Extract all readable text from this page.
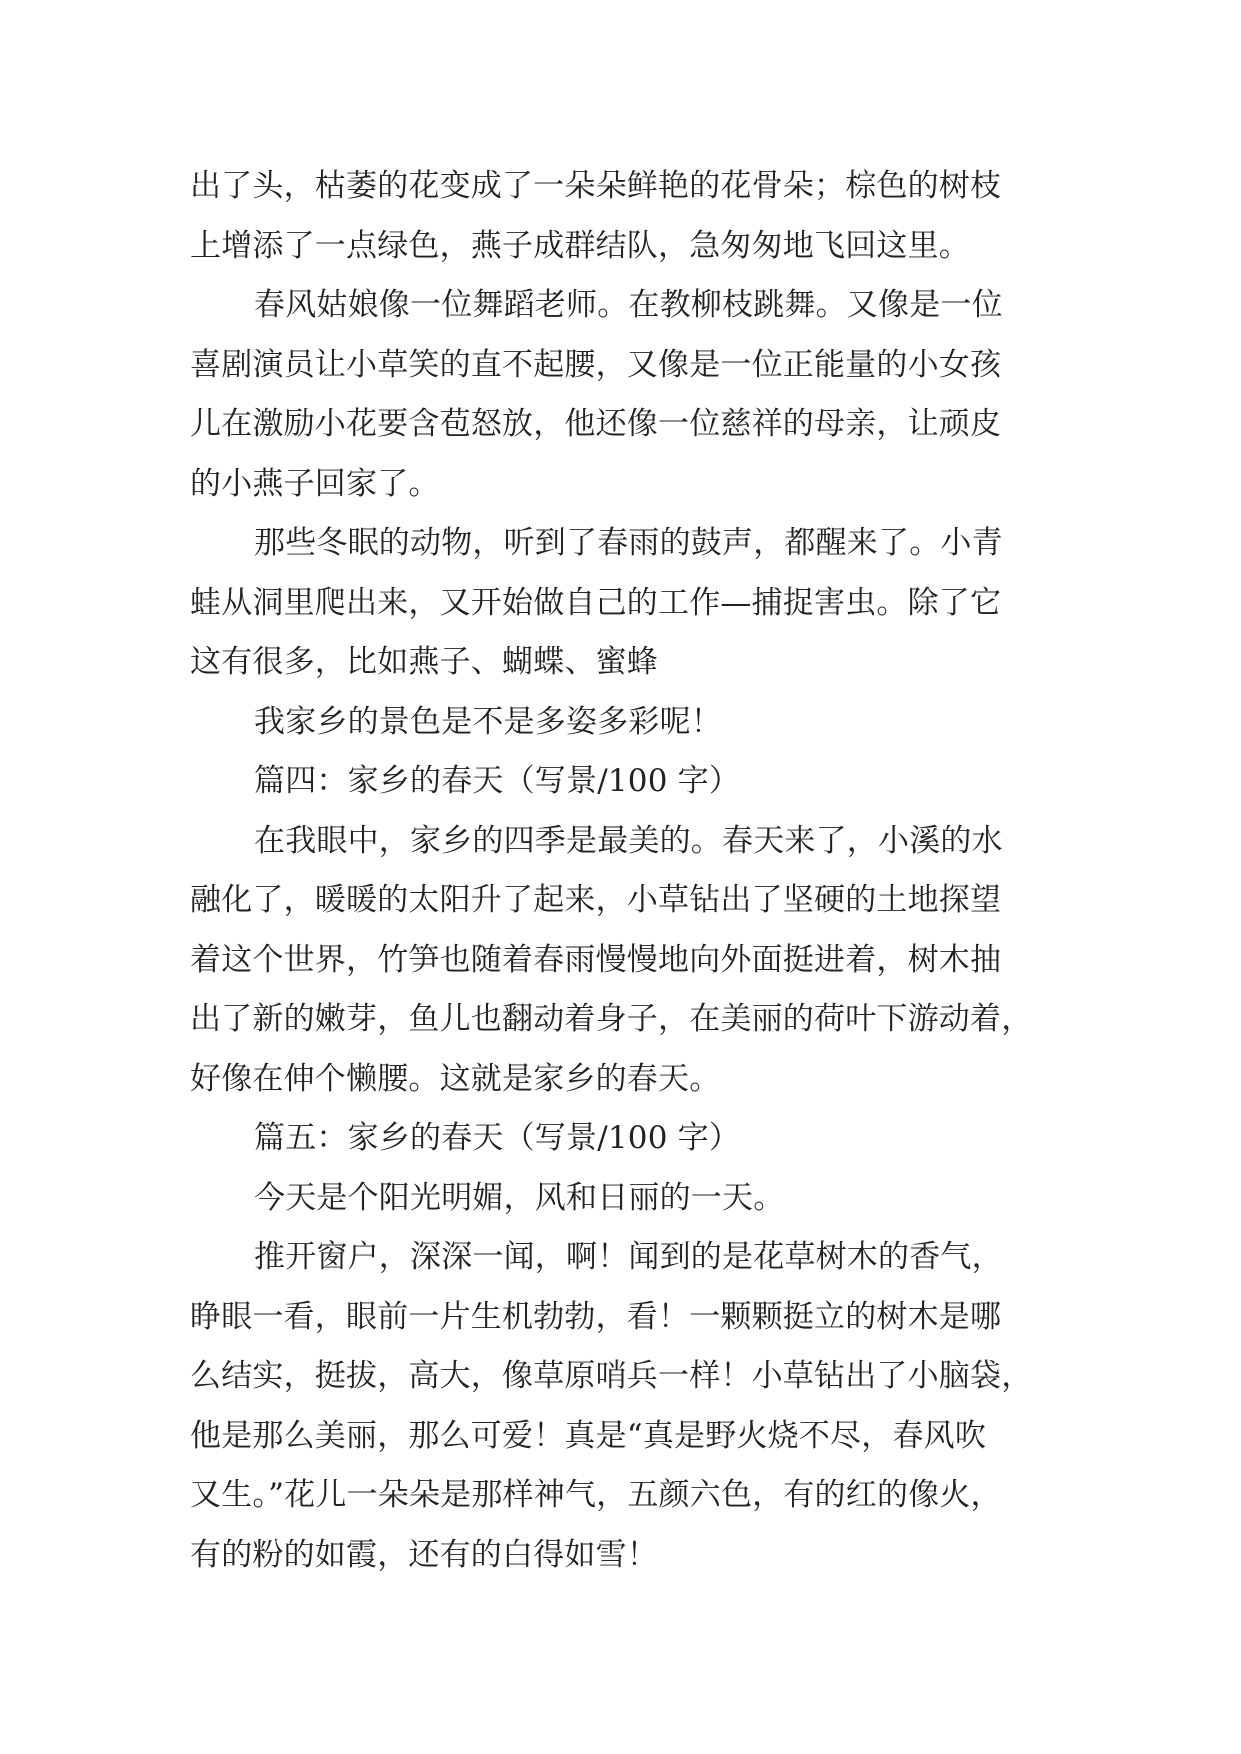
出了头，枯萎的花变成了一朵朵鲜艳的花骨朵；棕色的树枝
上增添了一点绿色，燕子成群结队，急匆匆地飞回这里。
春风姑娘像一位舞蹈老师。在教柳枝跳舞。又像是一位
喜剧演员让小草笑的直不起腰，又像是一位正能量的小女孩
儿在激励小花要含苞怒放，他还像一位慈祥的母亲，让顽皮
的小燕子回家了。
那些冬眠的动物，听到了春雨的鼓声，都醒来了。小青
蛙从洞里爬出来，又开始做自己的工作—捕捉害虫。除了它
这有很多，比如燕子、蝴蝶、蜜蜂
我家乡的景色是不是多姿多彩呢！
篇四：家乡的春天（写景/100 字）
在我眼中，家乡的四季是最美的。春天来了，小溪的水
融化了，暖暖的太阳升了起来，小草钻出了坚硬的土地探望
着这个世界，竹笋也随着春雨慢慢地向外面挺进着，树木抽
出了新的嫩芽，鱼儿也翻动着身子，在美丽的荷叶下游动着，
好像在伸个懒腰。这就是家乡的春天。
篇五：家乡的春天（写景/100 字）
今天是个阳光明媚，风和日丽的一天。
推开窗户，深深一闻，啊！闻到的是花草树木的香气，
睁眼一看，眼前一片生机勃勃，看！一颗颗挺立的树木是哪
么结实，挺拔，高大，像草原哨兵一样！小草钻出了小脑袋，
他是那么美丽，那么可爱！真是“真是野火烧不尽，春风吹
又生。”花儿一朵朵是那样神气，五颜六色，有的红的像火，
有的粉的如霞，还有的白得如雪！
